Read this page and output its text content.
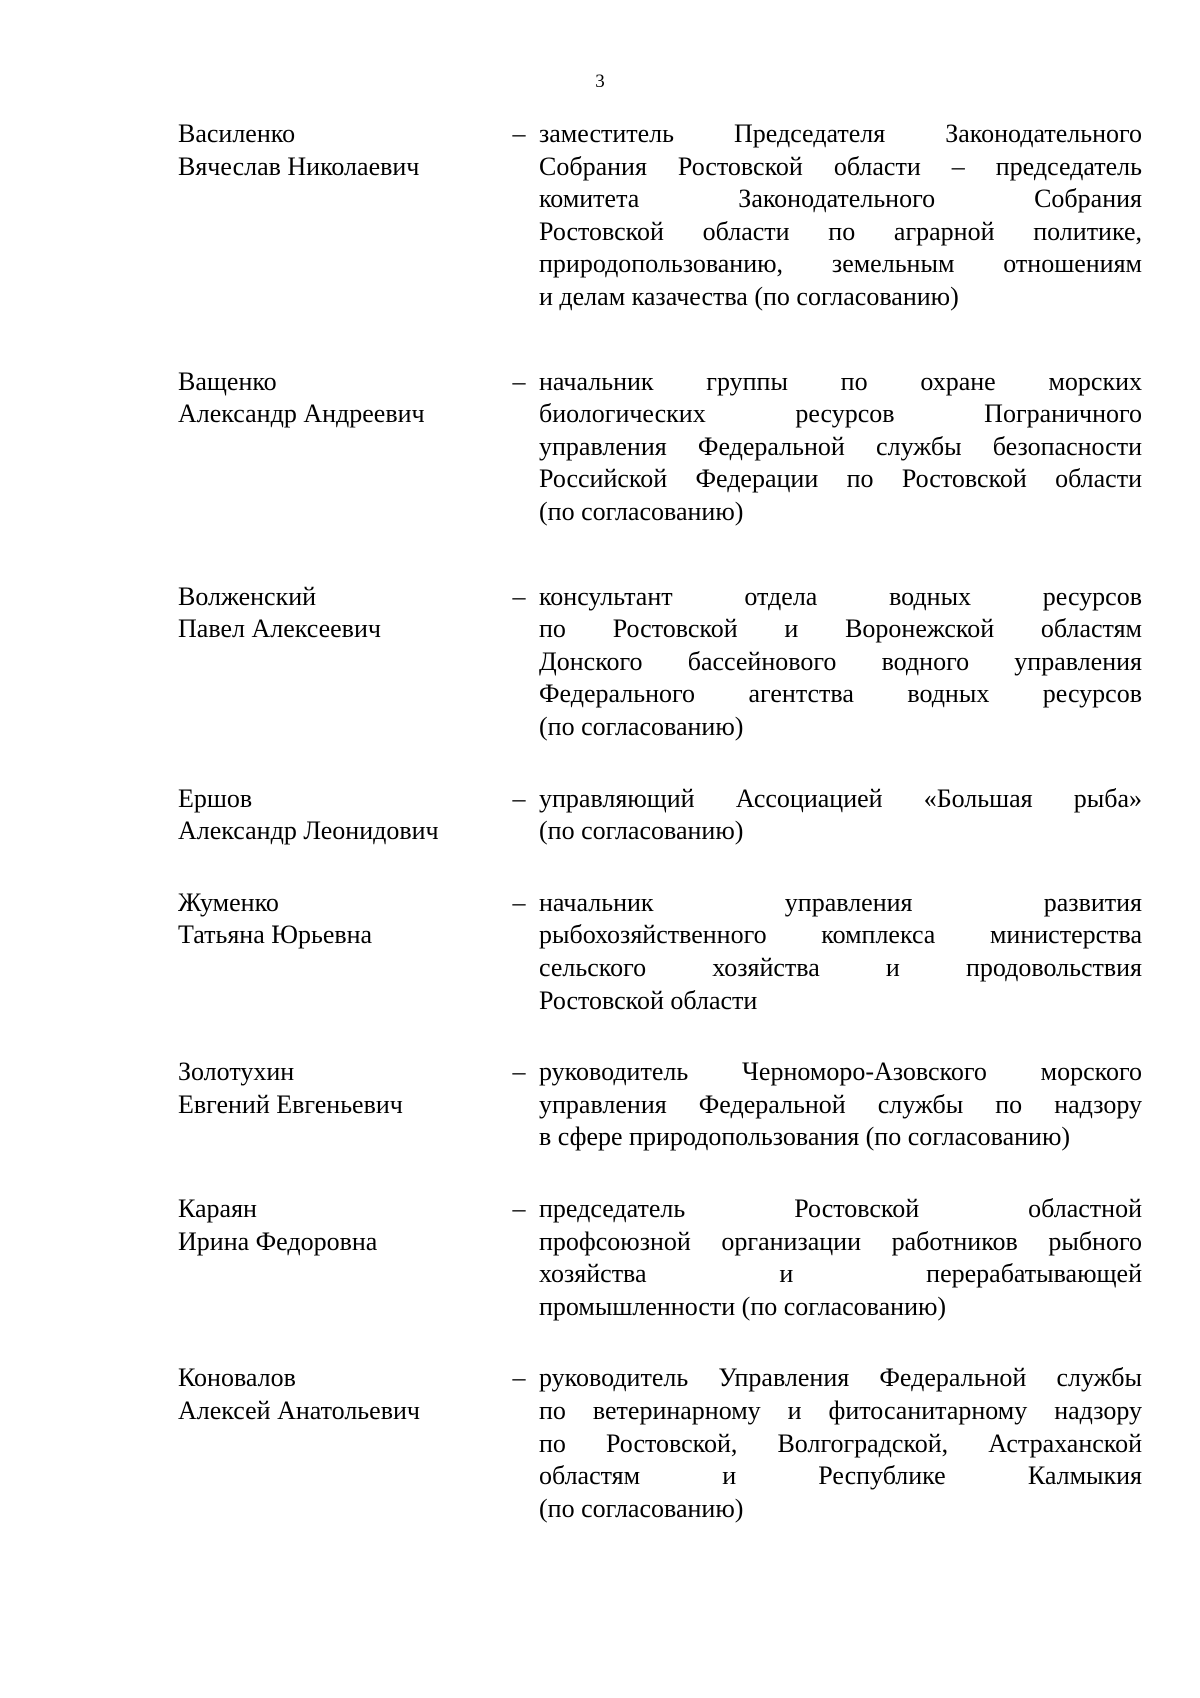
3
Василенко
Вячеслав Николаевич
– заместитель Председателя Законодательного
Собрания Ростовской области – председатель
комитета Законодательного Собрания
Ростовской области по аграрной политике,
природопользованию, земельным отношениям
и делам казачества (по согласованию)
Ващенко
Александр Андреевич
– начальник группы по охране морских
биологических ресурсов Пограничного
управления Федеральной службы безопасности
Российской Федерации по Ростовской области
(по согласованию)
Волженский
Павел Алексеевич
– консультант отдела водных ресурсов
по Ростовской и Воронежской областям
Донского бассейнового водного управления
Федерального агентства водных ресурсов
(по согласованию)
Ершов
Александр Леонидович
– управляющий Ассоциацией «Большая рыба»
(по согласованию)
Жуменко
Татьяна Юрьевна
– начальник управления развития
рыбохозяйственного комплекса министерства
сельского хозяйства и продовольствия
Ростовской области
Золотухин
Евгений Евгеньевич
– руководитель Черноморо-Азовского морского
управления Федеральной службы по надзору
в сфере природопользования (по согласованию)
Караян
Ирина Федоровна
– председатель Ростовской областной
профсоюзной организации работников рыбного
хозяйства и перерабатывающей
промышленности (по согласованию)
Коновалов
Алексей Анатольевич
– руководитель Управления Федеральной службы
по ветеринарному и фитосанитарному надзору
по Ростовской, Волгоградской, Астраханской
областям и Республике Калмыкия
(по согласованию)
